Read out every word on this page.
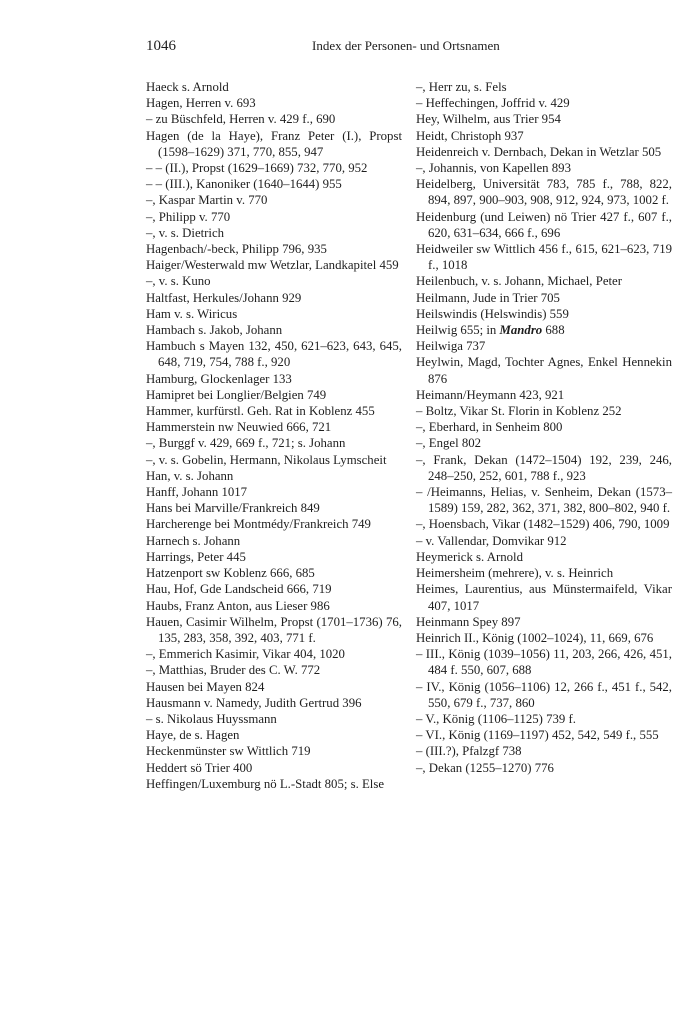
1046	Index der Personen- und Ortsnamen
Haeck s. Arnold
Hagen, Herren v. 693
– zu Büschfeld, Herren v. 429 f., 690
Hagen (de la Haye), Franz Peter (I.), Propst (1598–1629) 371, 770, 855, 947
– – (II.), Propst (1629–1669) 732, 770, 952
– – (III.), Kanoniker (1640–1644) 955
–, Kaspar Martin v. 770
–, Philipp v. 770
–, v. s. Dietrich
Hagenbach/-beck, Philipp 796, 935
Haiger/Westerwald mw Wetzlar, Landkapitel 459
–, v. s. Kuno
Haltfast, Herkules/Johann 929
Ham v. s. Wiricus
Hambach s. Jakob, Johann
Hambuch s Mayen 132, 450, 621–623, 643, 645, 648, 719, 754, 788 f., 920
Hamburg, Glockenlager 133
Hamipret bei Longlier/Belgien 749
Hammer, kurfürstl. Geh. Rat in Koblenz 455
Hammerstein nw Neuwied 666, 721
–, Burggf v. 429, 669 f., 721; s. Johann
–, v. s. Gobelin, Hermann, Nikolaus Lymscheit
Han, v. s. Johann
Hanff, Johann 1017
Hans bei Marville/Frankreich 849
Harcherenge bei Montmédy/Frankreich 749
Harnech s. Johann
Harrings, Peter 445
Hatzenport sw Koblenz 666, 685
Hau, Hof, Gde Landscheid 666, 719
Haubs, Franz Anton, aus Lieser 986
Hauen, Casimir Wilhelm, Propst (1701–1736) 76, 135, 283, 358, 392, 403, 771 f.
–, Emmerich Kasimir, Vikar 404, 1020
–, Matthias, Bruder des C. W. 772
Hausen bei Mayen 824
Hausmann v. Namedy, Judith Gertrud 396
– s. Nikolaus Huyssmann
Haye, de s. Hagen
Heckenmünster sw Wittlich 719
Heddert sö Trier 400
Heffingen/Luxemburg nö L.-Stadt 805; s. Else
–, Herr zu, s. Fels
– Heffechingen, Joffrid v. 429
Hey, Wilhelm, aus Trier 954
Heidt, Christoph 937
Heidenreich v. Dernbach, Dekan in Wetzlar 505
–, Johannis, von Kapellen 893
Heidelberg, Universität 783, 785 f., 788, 822, 894, 897, 900–903, 908, 912, 924, 973, 1002 f.
Heidenburg (und Leiwen) nö Trier 427 f., 607 f., 620, 631–634, 666 f., 696
Heidweiler sw Wittlich 456 f., 615, 621–623, 719 f., 1018
Heilenbuch, v. s. Johann, Michael, Peter
Heilmann, Jude in Trier 705
Heilswindis (Helswindis) 559
Heilwig 655; in Mandro 688
Heilwiga 737
Heylwin, Magd, Tochter Agnes, Enkel Hennekin 876
Heimann/Heymann 423, 921
– Boltz, Vikar St. Florin in Koblenz 252
–, Eberhard, in Senheim 800
–, Engel 802
–, Frank, Dekan (1472–1504) 192, 239, 246, 248–250, 252, 601, 788 f., 923
– /Heimanns, Helias, v. Senheim, Dekan (1573–1589) 159, 282, 362, 371, 382, 800–802, 940 f.
–, Hoensbach, Vikar (1482–1529) 406, 790, 1009
– v. Vallendar, Domvikar 912
Heymerick s. Arnold
Heimersheim (mehrere), v. s. Heinrich
Heimes, Laurentius, aus Münstermaifeld, Vikar 407, 1017
Heinmann Spey 897
Heinrich II., König (1002–1024), 11, 669, 676
– III., König (1039–1056) 11, 203, 266, 426, 451, 484 f. 550, 607, 688
– IV., König (1056–1106) 12, 266 f., 451 f., 542, 550, 679 f., 737, 860
– V., König (1106–1125) 739 f.
– VI., König (1169–1197) 452, 542, 549 f., 555
– (III.?), Pfalzgf 738
–, Dekan (1255–1270) 776
